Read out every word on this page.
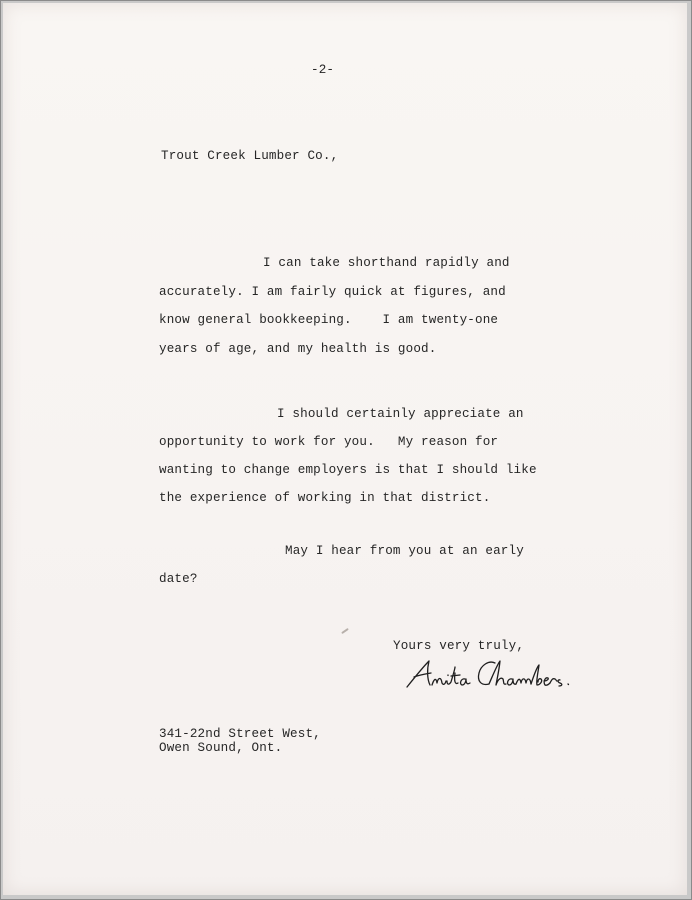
-2-
Trout Creek Lumber Co.,
I can take shorthand rapidly and
accurately. I am fairly quick at figures, and
know general bookkeeping.    I am twenty-one
years of age, and my health is good.
I should certainly appreciate an
opportunity to work for you.   My reason for
wanting to change employers is that I should like
the experience of working in that district.
May I hear from you at an early
date?
Yours very truly,
341-22nd Street West,
Owen Sound, Ont.
